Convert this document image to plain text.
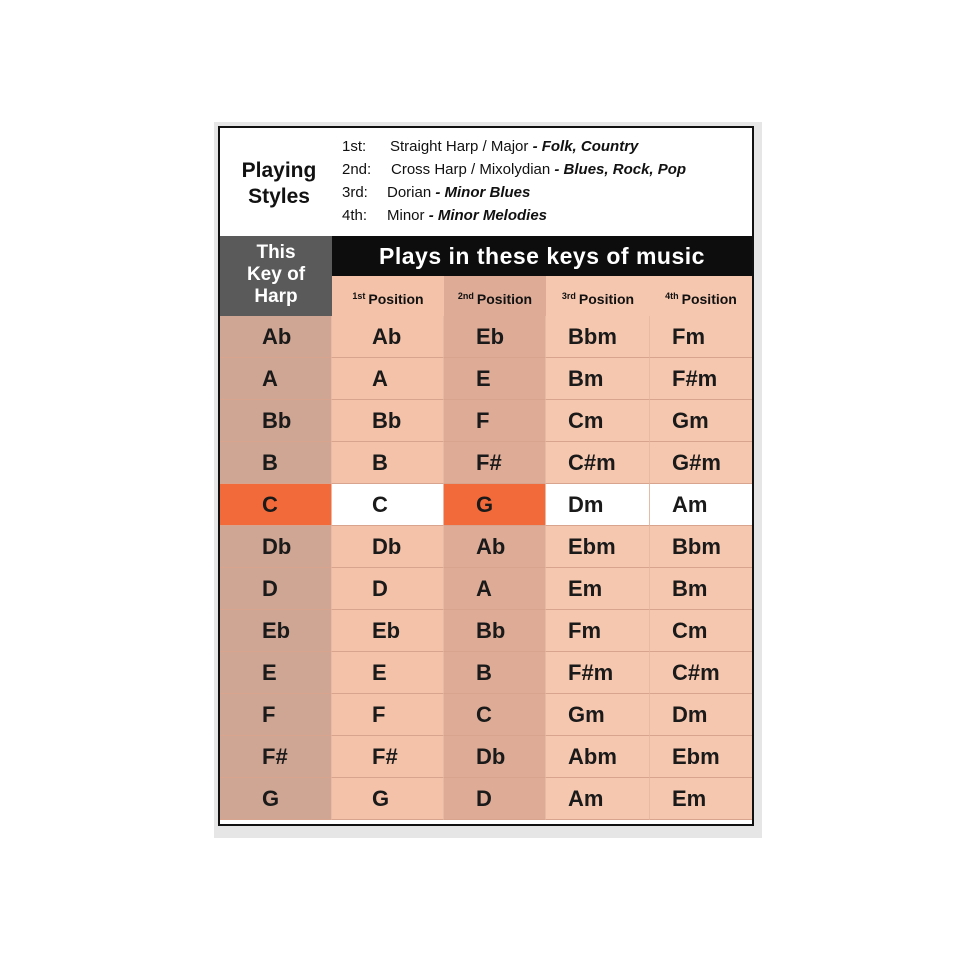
Playing
Styles
1st: Straight Harp / Major - Folk, Country
2nd: Cross Harp / Mixolydian - Blues, Rock, Pop
3rd: Dorian - Minor Blues
4th: Minor - Minor Melodies
This
Key of
Harp
Plays in these keys of music
$^{1st}$ Position	$^{2nd}$ Position	$^{3rd}$ Position	$^{4th}$ Position
Ab	Ab	Eb	Bbm	Fm
A	A	E	Bm	F#m
Bb	Bb	F	Cm	Gm
B	B	F#	C#m	G#m
C	C	G	Dm	Am
Db	Db	Ab	Ebm	Bbm
D	D	A	Em	Bm
Eb	Eb	Bb	Fm	Cm
E	E	B	F#m	C#m
F	F	C	Gm	Dm
F#	F#	Db	Abm	Ebm
G	G	D	Am	Em
